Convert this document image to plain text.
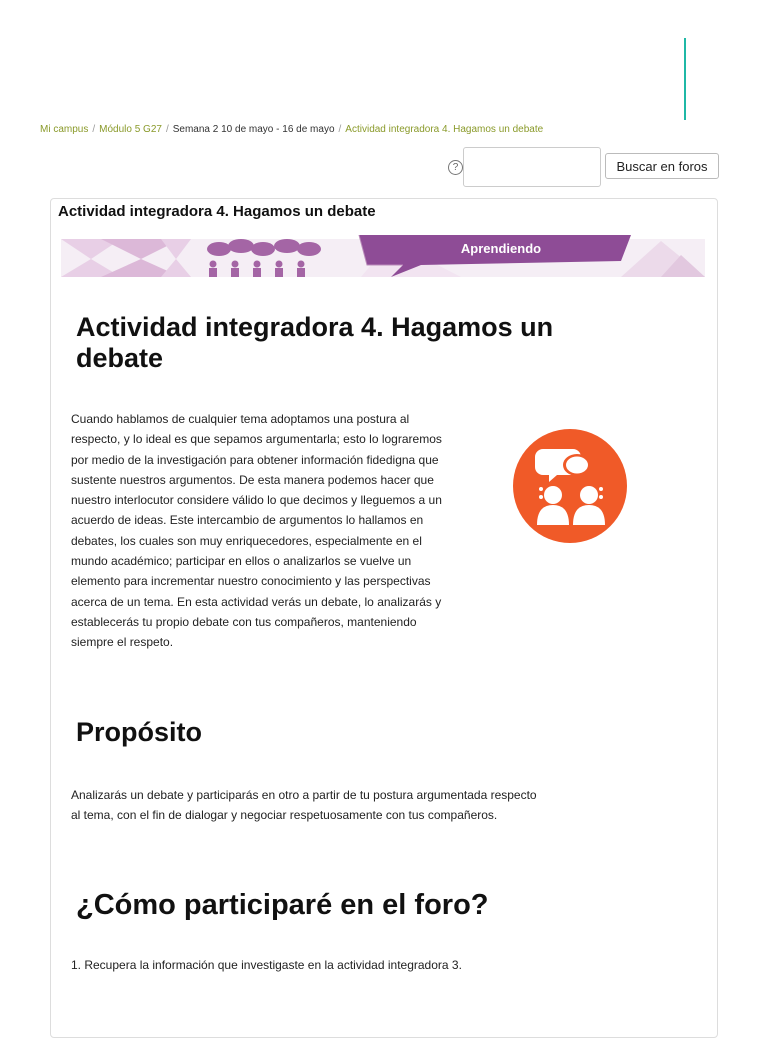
Mi campus / Módulo 5 G27 / Semana 2 10 de mayo - 16 de mayo / Actividad integradora 4. Hagamos un debate
?	Buscar en foros
Actividad integradora 4. Hagamos un debate
Aprendiendo
Actividad integradora 4. Hagamos un debate

Cuando hablamos de cualquier tema adoptamos una postura al respecto, y lo ideal es que sepamos argumentarla; esto lo lograremos por medio de la investigación para obtener información fidedigna que sustente nuestros argumentos. De esta manera podemos hacer que nuestro interlocutor considere válido lo que decimos y lleguemos a un acuerdo de ideas. Este intercambio de argumentos lo hallamos en debates, los cuales son muy enriquecedores, especialmente en el mundo académico; participar en ellos o analizarlos se vuelve un elemento para incrementar nuestro conocimiento y las perspectivas acerca de un tema. En esta actividad verás un debate, lo analizarás y establecerás tu propio debate con tus compañeros, manteniendo siempre el respeto.

Propósito

Analizarás un debate y participarás en otro a partir de tu postura argumentada respecto al tema, con el fin de dialogar y negociar respetuosamente con tus compañeros.

¿Cómo participaré en el foro?

1. Recupera la información que investigaste en la actividad integradora 3.
